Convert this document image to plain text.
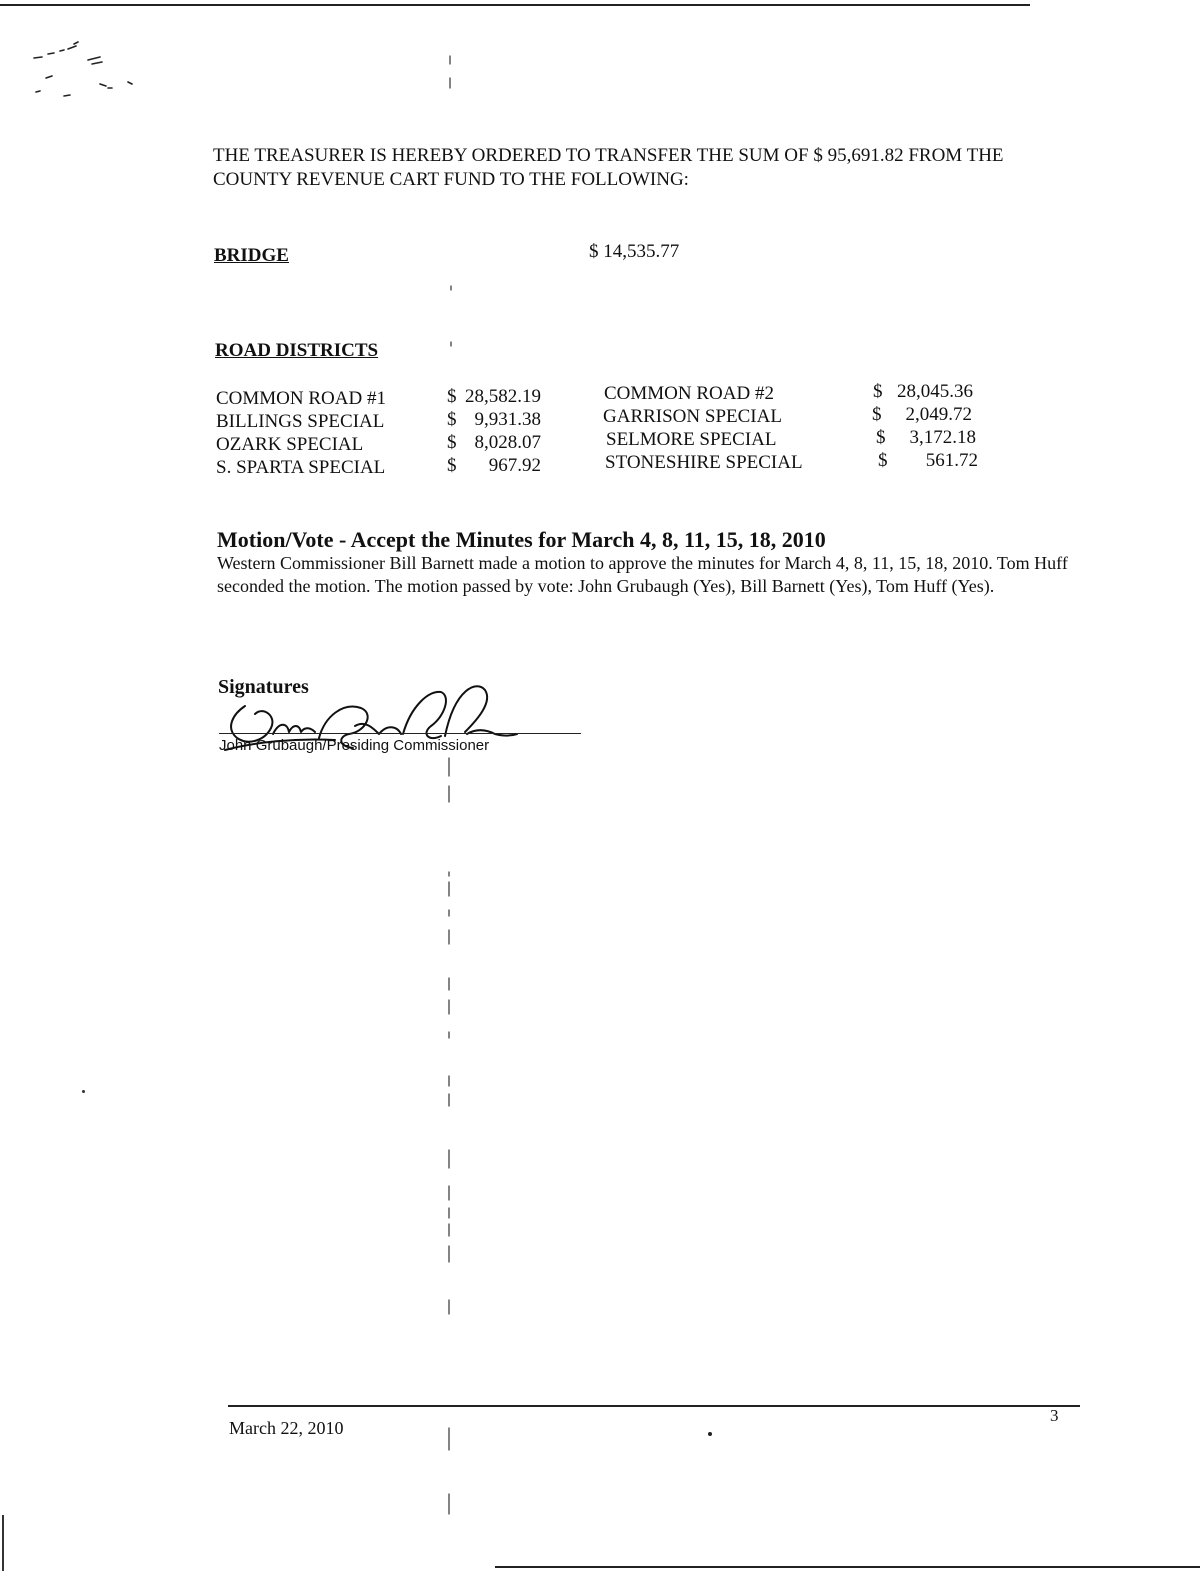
THE TREASURER IS HEREBY ORDERED TO TRANSFER THE SUM OF $ 95,691.82 FROM THE COUNTY REVENUE CART FUND TO THE FOLLOWING:
BRIDGE	$ 14,535.77
ROAD DISTRICTS
COMMON ROAD #1	$ 28,582.19
BILLINGS SPECIAL	$ 9,931.38
OZARK SPECIAL	$ 8,028.07
S. SPARTA SPECIAL	$ 967.92
COMMON ROAD #2	$ 28,045.36
GARRISON SPECIAL	$ 2,049.72
SELMORE SPECIAL	$ 3,172.18
STONESHIRE SPECIAL	$ 561.72
Motion/Vote - Accept the Minutes for March 4, 8, 11, 15, 18, 2010
Western Commissioner Bill Barnett made a motion to approve the minutes for March 4, 8, 11, 15, 18, 2010. Tom Huff seconded the motion. The motion passed by vote: John Grubaugh (Yes), Bill Barnett (Yes), Tom Huff (Yes).
Signatures
John Grubaugh/Presiding Commissioner
March 22, 2010
3
